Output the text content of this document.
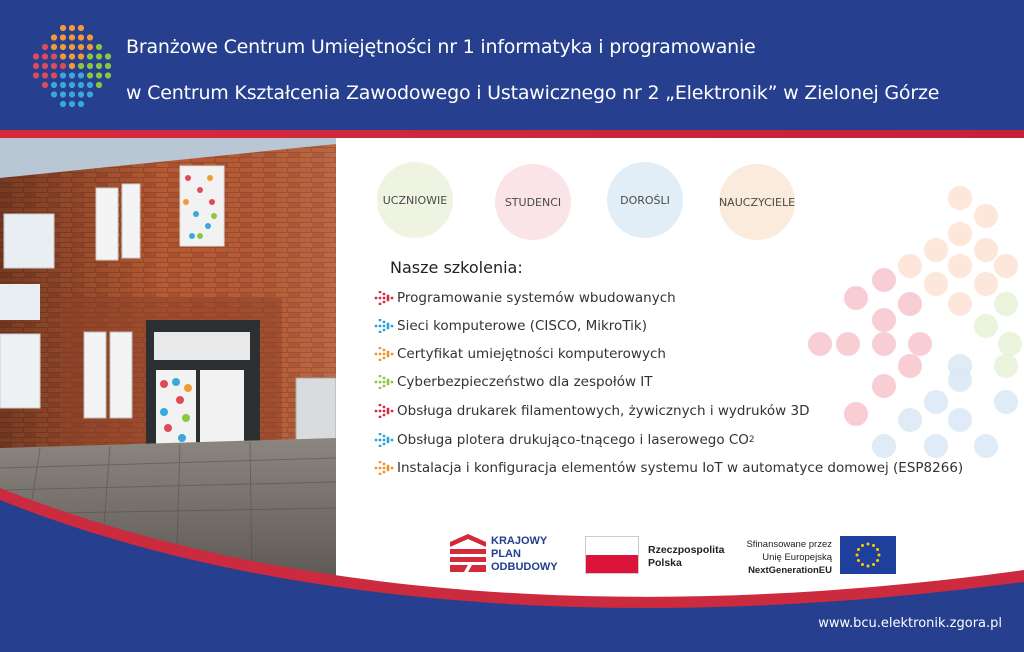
Branżowe Centrum Umiejętności nr 1 informatyka i programowanie
w Centrum Kształcenia Zawodowego i Ustawicznego nr 2 „Elektronik” w Zielonej Górze
UCZNIOWIE	STUDENCI	DOROŚLI	NAUCZYCIELE
Nasze szkolenia:
Programowanie systemów wbudowanych
Sieci komputerowe (CISCO, MikroTik)
Certyfikat umiejętności komputerowych
Cyberbezpieczeństwo dla zespołów IT
Obsługa drukarek filamentowych, żywicznych i wydruków 3D
Obsługa plotera drukująco-tnącego i laserowego CO 2
Instalacja i konfiguracja elementów systemu IoT w automatyce domowej (ESP8266)
KRAJOWY
PLAN
ODBUDOWY
Rzeczpospolita
Polska
Sfinansowane przez
Unię Europejską
NextGenerationEU
www.bcu.elektronik.zgora.pl
